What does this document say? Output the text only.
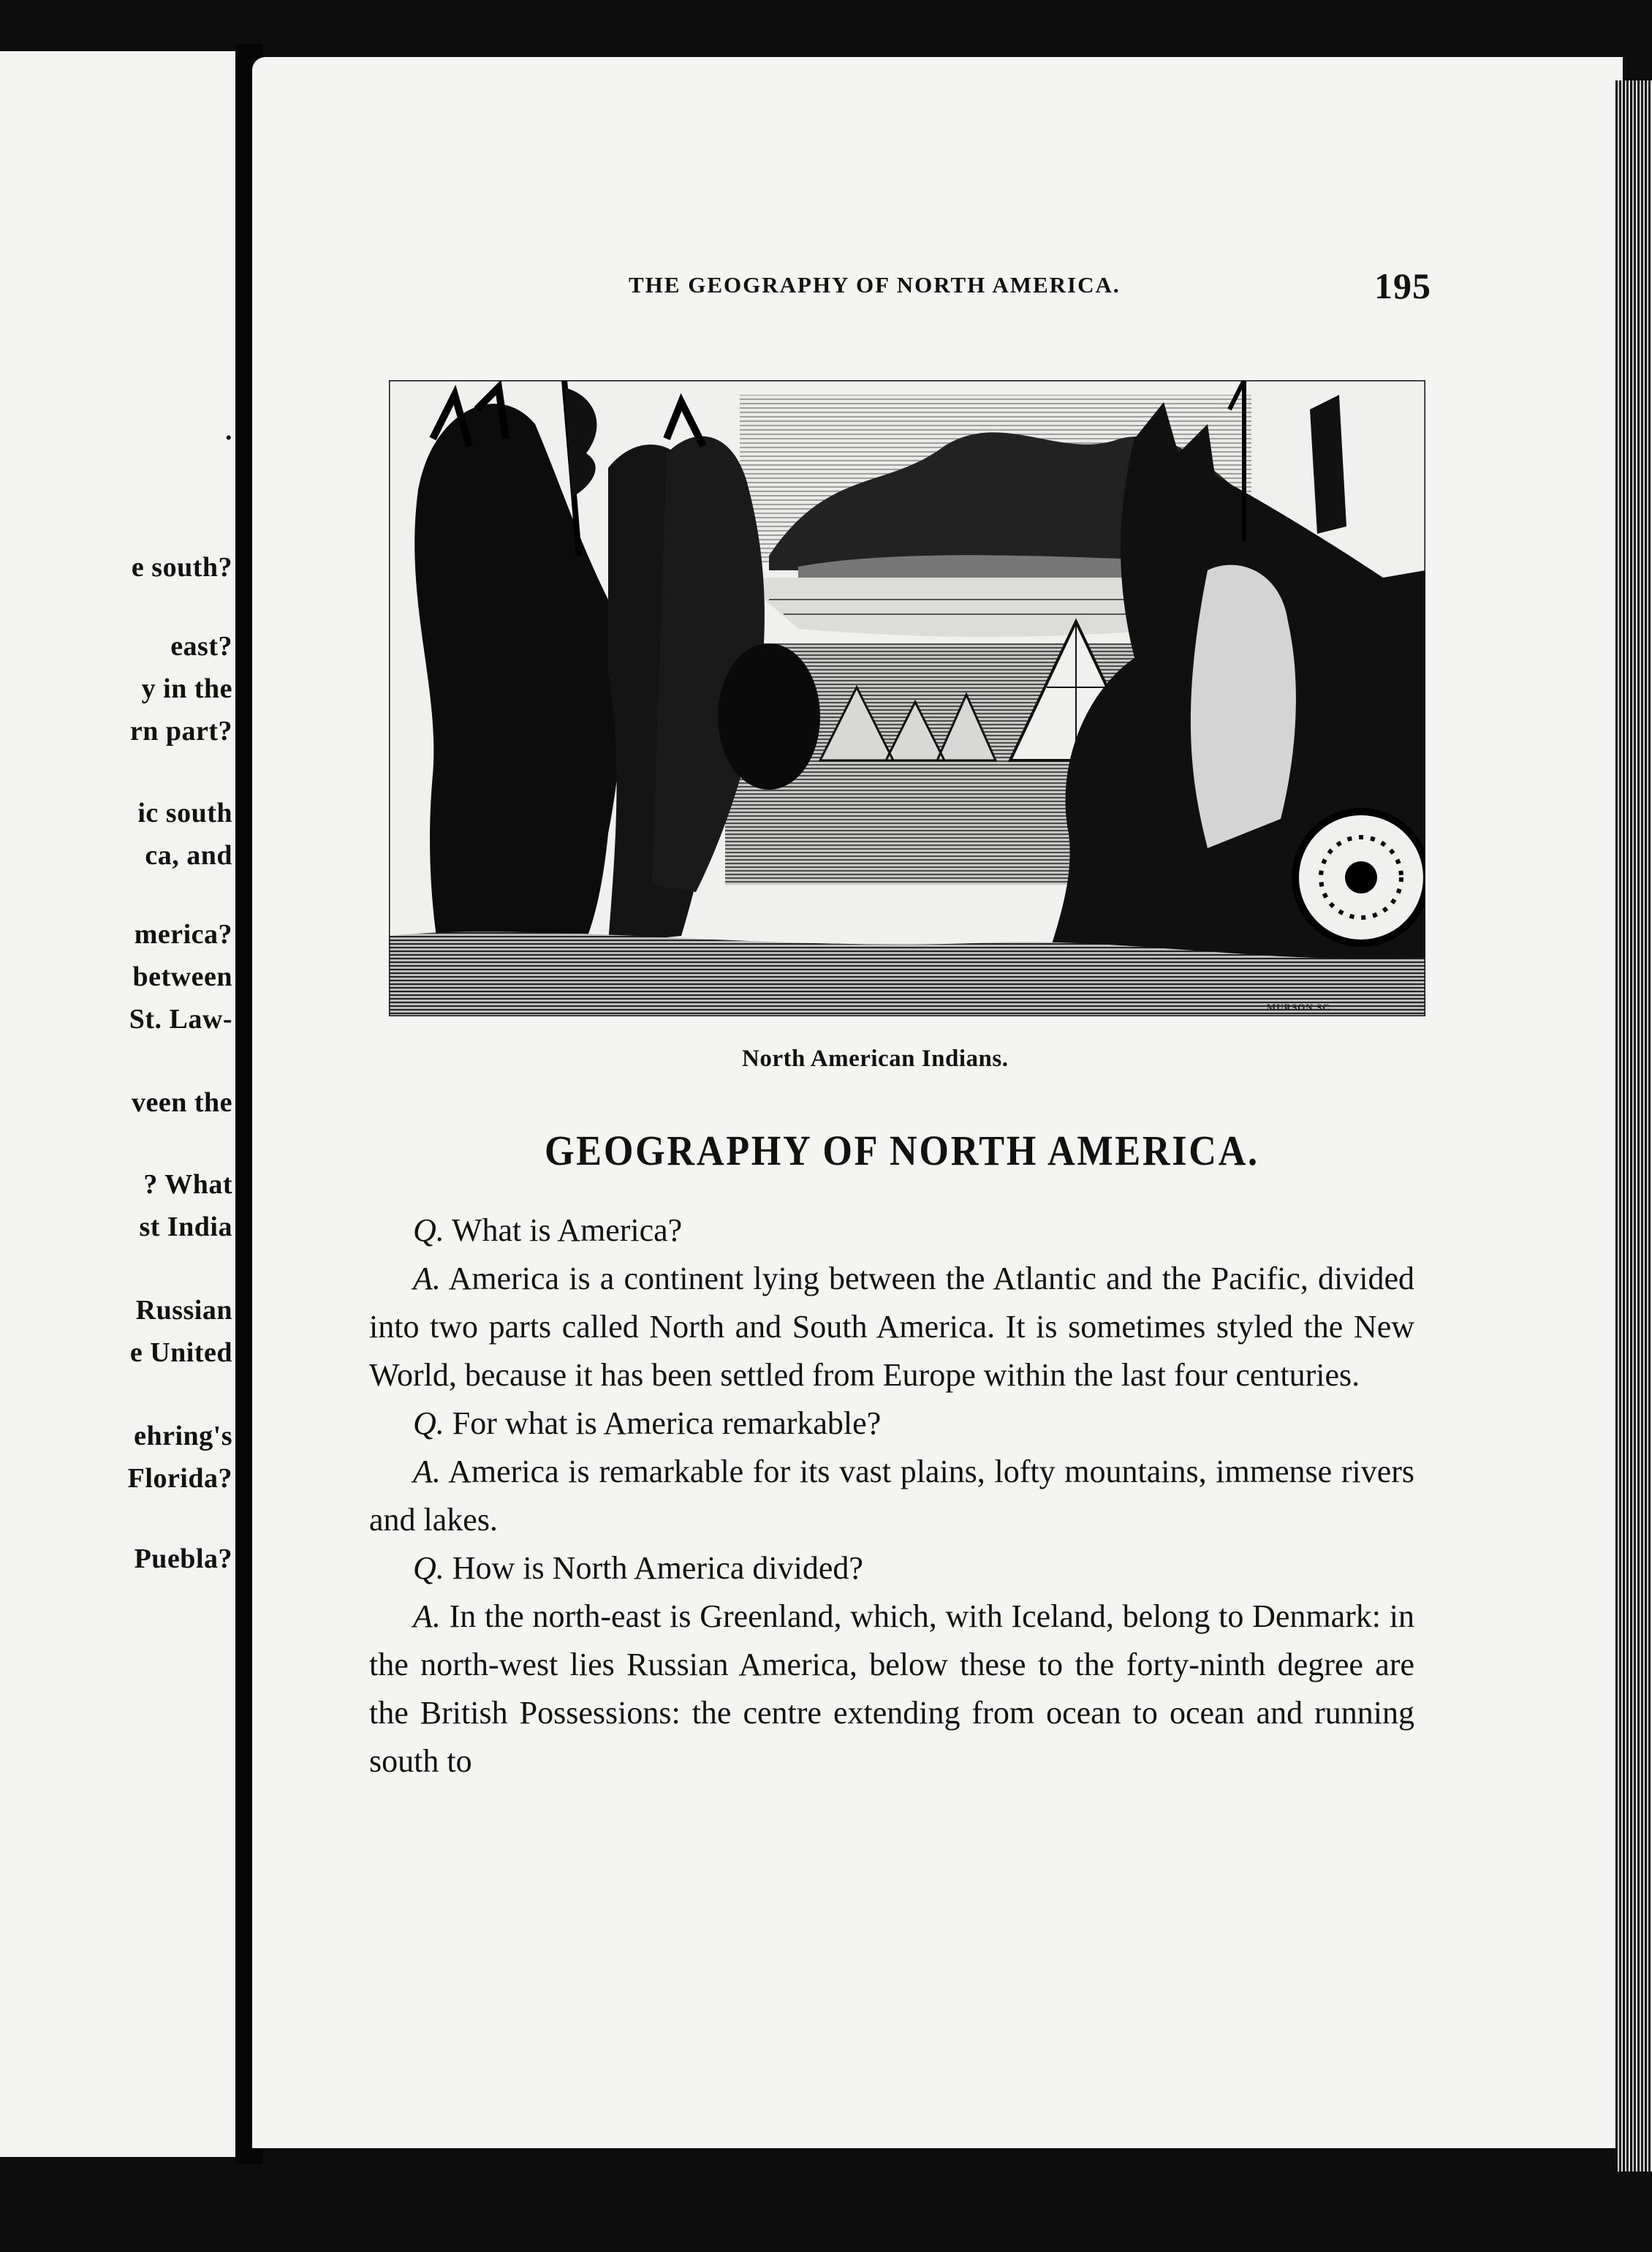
.
e south?
east?
y in the
rn part?
ic south
ca, and
merica?
between
St. Law-
veen the
? What
st India
Russian
e United
ehring's
Florida?
Puebla?
THE GEOGRAPHY OF NORTH AMERICA.	195
MURSON.SC.
North American Indians.
GEOGRAPHY OF NORTH AMERICA.

Q. What is America?

A. America is a continent lying between the Atlantic and the Pacific, divided into two parts called North and South America. It is sometimes styled the New World, because it has been settled from Europe within the last four centuries.

Q. For what is America remarkable?

A. America is remarkable for its vast plains, lofty mountains, immense rivers and lakes.

Q. How is North America divided?

A. In the north-east is Greenland, which, with Iceland, belong to Denmark: in the north-west lies Russian America, below these to the forty-ninth degree are the British Possessions: the centre extending from ocean to ocean and running south to
